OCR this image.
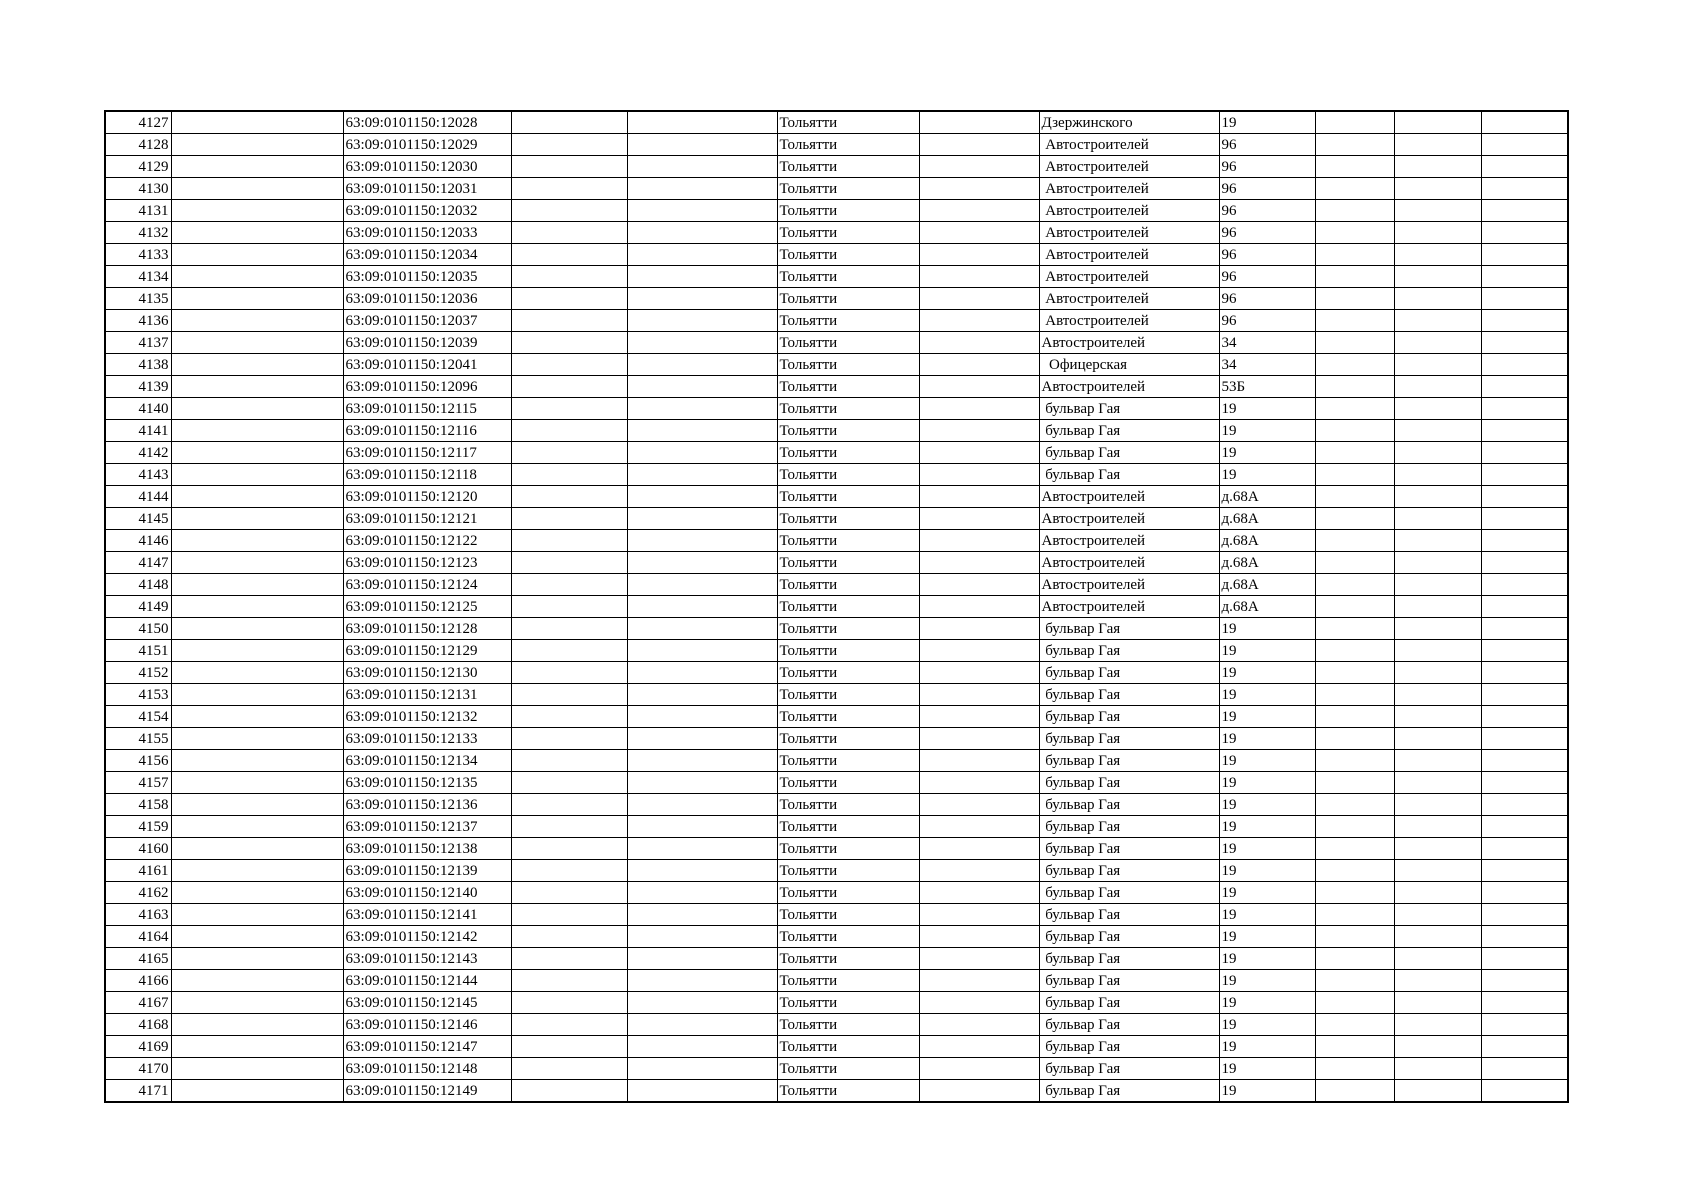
4127		63:09:0101150:12028			Тольятти		Дзержинского	19			
4128		63:09:0101150:12029			Тольятти		Автостроителей	96			
4129		63:09:0101150:12030			Тольятти		Автостроителей	96			
4130		63:09:0101150:12031			Тольятти		Автостроителей	96			
4131		63:09:0101150:12032			Тольятти		Автостроителей	96			
4132		63:09:0101150:12033			Тольятти		Автостроителей	96			
4133		63:09:0101150:12034			Тольятти		Автостроителей	96			
4134		63:09:0101150:12035			Тольятти		Автостроителей	96			
4135		63:09:0101150:12036			Тольятти		Автостроителей	96			
4136		63:09:0101150:12037			Тольятти		Автостроителей	96			
4137		63:09:0101150:12039			Тольятти		Автостроителей	34			
4138		63:09:0101150:12041			Тольятти		Офицерская	34			
4139		63:09:0101150:12096			Тольятти		Автостроителей	53Б			
4140		63:09:0101150:12115			Тольятти		бульвар Гая	19			
4141		63:09:0101150:12116			Тольятти		бульвар Гая	19			
4142		63:09:0101150:12117			Тольятти		бульвар Гая	19			
4143		63:09:0101150:12118			Тольятти		бульвар Гая	19			
4144		63:09:0101150:12120			Тольятти		Автостроителей	д.68А			
4145		63:09:0101150:12121			Тольятти		Автостроителей	д.68А			
4146		63:09:0101150:12122			Тольятти		Автостроителей	д.68А			
4147		63:09:0101150:12123			Тольятти		Автостроителей	д.68А			
4148		63:09:0101150:12124			Тольятти		Автостроителей	д.68А			
4149		63:09:0101150:12125			Тольятти		Автостроителей	д.68А			
4150		63:09:0101150:12128			Тольятти		бульвар Гая	19			
4151		63:09:0101150:12129			Тольятти		бульвар Гая	19			
4152		63:09:0101150:12130			Тольятти		бульвар Гая	19			
4153		63:09:0101150:12131			Тольятти		бульвар Гая	19			
4154		63:09:0101150:12132			Тольятти		бульвар Гая	19			
4155		63:09:0101150:12133			Тольятти		бульвар Гая	19			
4156		63:09:0101150:12134			Тольятти		бульвар Гая	19			
4157		63:09:0101150:12135			Тольятти		бульвар Гая	19			
4158		63:09:0101150:12136			Тольятти		бульвар Гая	19			
4159		63:09:0101150:12137			Тольятти		бульвар Гая	19			
4160		63:09:0101150:12138			Тольятти		бульвар Гая	19			
4161		63:09:0101150:12139			Тольятти		бульвар Гая	19			
4162		63:09:0101150:12140			Тольятти		бульвар Гая	19			
4163		63:09:0101150:12141			Тольятти		бульвар Гая	19			
4164		63:09:0101150:12142			Тольятти		бульвар Гая	19			
4165		63:09:0101150:12143			Тольятти		бульвар Гая	19			
4166		63:09:0101150:12144			Тольятти		бульвар Гая	19			
4167		63:09:0101150:12145			Тольятти		бульвар Гая	19			
4168		63:09:0101150:12146			Тольятти		бульвар Гая	19			
4169		63:09:0101150:12147			Тольятти		бульвар Гая	19			
4170		63:09:0101150:12148			Тольятти		бульвар Гая	19			
4171		63:09:0101150:12149			Тольятти		бульвар Гая	19			
